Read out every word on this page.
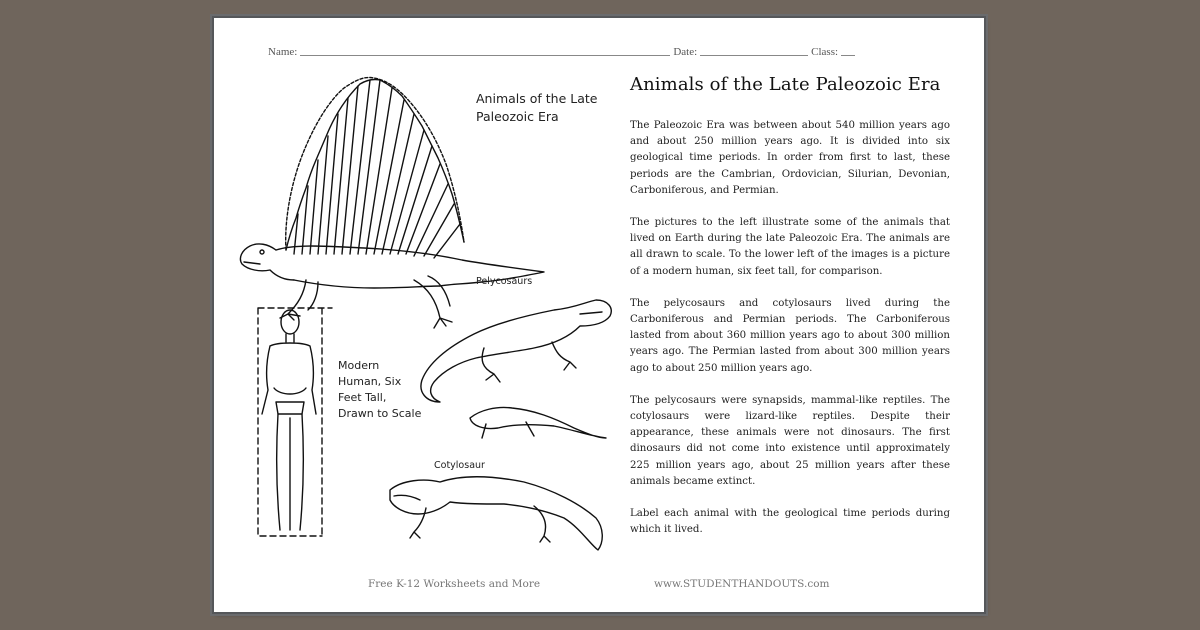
Name:	Date:	Class:
Animals of the Late
Paleozoic Era
Pelycosaurs
Modern
Human, Six
Feet Tall,
Drawn to Scale
Cotylosaur
Animals of the Late Paleozoic Era

The Paleozoic Era was between about 540 million years ago and about 250 million years ago. It is divided into six geological time periods. In order from first to last, these periods are the Cambrian, Ordovician, Silurian, Devonian, Carboniferous, and Permian.

The pictures to the left illustrate some of the animals that lived on Earth during the late Paleozoic Era. The animals are all drawn to scale. To the lower left of the images is a picture of a modern human, six feet tall, for comparison.

The pelycosaurs and cotylosaurs lived during the Carboniferous and Permian periods. The Carboniferous lasted from about 360 million years ago to about 300 million years ago. The Permian lasted from about 300 million years ago to about 250 million years ago.

The pelycosaurs were synapsids, mammal-like reptiles. The cotylosaurs were lizard-like reptiles. Despite their appearance, these animals were not dinosaurs. The first dinosaurs did not come into existence until approximately 225 million years ago, about 25 million years after these animals became extinct.

Label each animal with the geological time periods during which it lived.

Free K-12 Worksheets and More	www.STUDENTHANDOUTS.com
